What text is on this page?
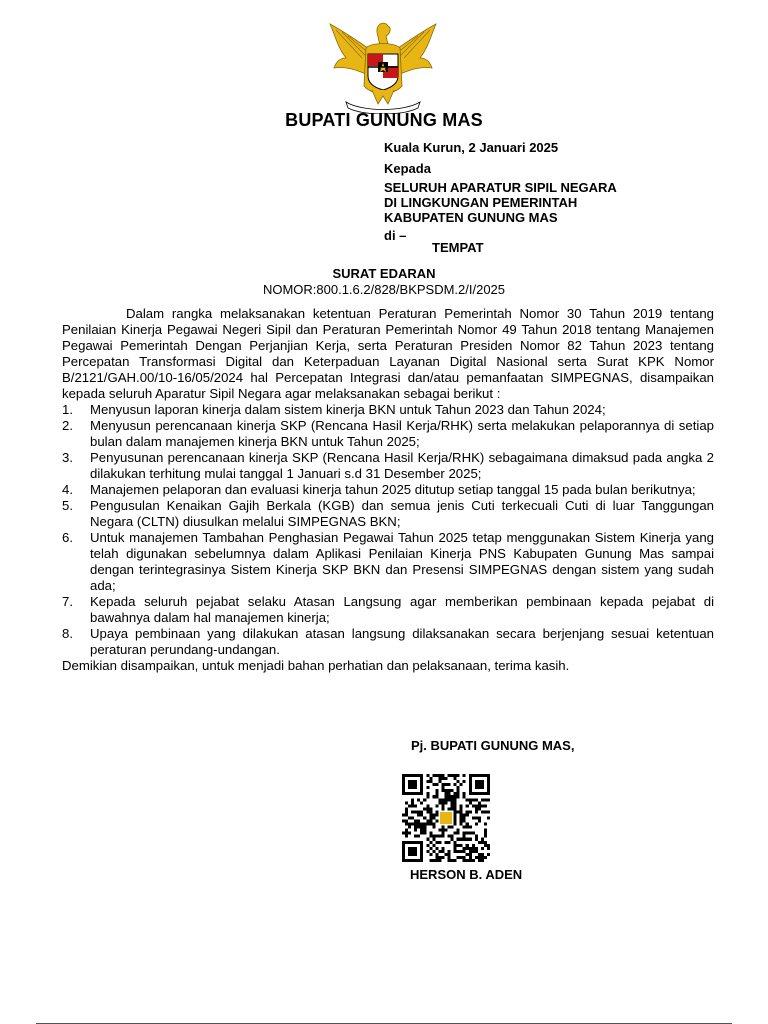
BUPATI GUNUNG MAS
Kuala Kurun, 2 Januari 2025
Kepada
SELURUH APARATUR SIPIL NEGARA
DI LINGKUNGAN PEMERINTAH
KABUPATEN GUNUNG MAS
di –
TEMPAT
SURAT EDARAN
NOMOR:800.1.6.2/828/BKPSDM.2/I/2025

Dalam rangka melaksanakan ketentuan Peraturan Pemerintah Nomor 30 Tahun 2019 tentang Penilaian Kinerja Pegawai Negeri Sipil dan Peraturan Pemerintah Nomor 49 Tahun 2018 tentang Manajemen Pegawai Pemerintah Dengan Perjanjian Kerja, serta Peraturan Presiden Nomor 82 Tahun 2023 tentang Percepatan Transformasi Digital dan Keterpaduan Layanan Digital Nasional serta Surat KPK Nomor B/2121/GAH.00/10-16/05/2024 hal Percepatan Integrasi dan/atau pemanfaatan SIMPEGNAS, disampaikan kepada seluruh Aparatur Sipil Negara agar melaksanakan sebagai berikut :

1. Menyusun laporan kinerja dalam sistem kinerja BKN untuk Tahun 2023 dan Tahun 2024;
2. Menyusun perencanaan kinerja SKP (Rencana Hasil Kerja/RHK) serta melakukan pelaporannya di setiap bulan dalam manajemen kinerja BKN untuk Tahun 2025;
3. Penyusunan perencanaan kinerja SKP (Rencana Hasil Kerja/RHK) sebagaimana dimaksud pada angka 2 dilakukan terhitung mulai tanggal 1 Januari s.d 31 Desember 2025;
4. Manajemen pelaporan dan evaluasi kinerja tahun 2025 ditutup setiap tanggal 15 pada bulan berikutnya;
5. Pengusulan Kenaikan Gajih Berkala (KGB) dan semua jenis Cuti terkecuali Cuti di luar Tanggungan Negara (CLTN) diusulkan melalui SIMPEGNAS BKN;
6. Untuk manajemen Tambahan Penghasian Pegawai Tahun 2025 tetap menggunakan Sistem Kinerja yang telah digunakan sebelumnya dalam Aplikasi Penilaian Kinerja PNS Kabupaten Gunung Mas sampai dengan terintegrasinya Sistem Kinerja SKP BKN dan Presensi SIMPEGNAS dengan sistem yang sudah ada;
7. Kepada seluruh pejabat selaku Atasan Langsung agar memberikan pembinaan kepada pejabat di bawahnya dalam hal manajemen kinerja;
8. Upaya pembinaan yang dilakukan atasan langsung dilaksanakan secara berjenjang sesuai ketentuan peraturan perundang-undangan.

Demikian disampaikan, untuk menjadi bahan perhatian dan pelaksanaan, terima kasih.

Pj. BUPATI GUNUNG MAS,
HERSON B. ADEN
